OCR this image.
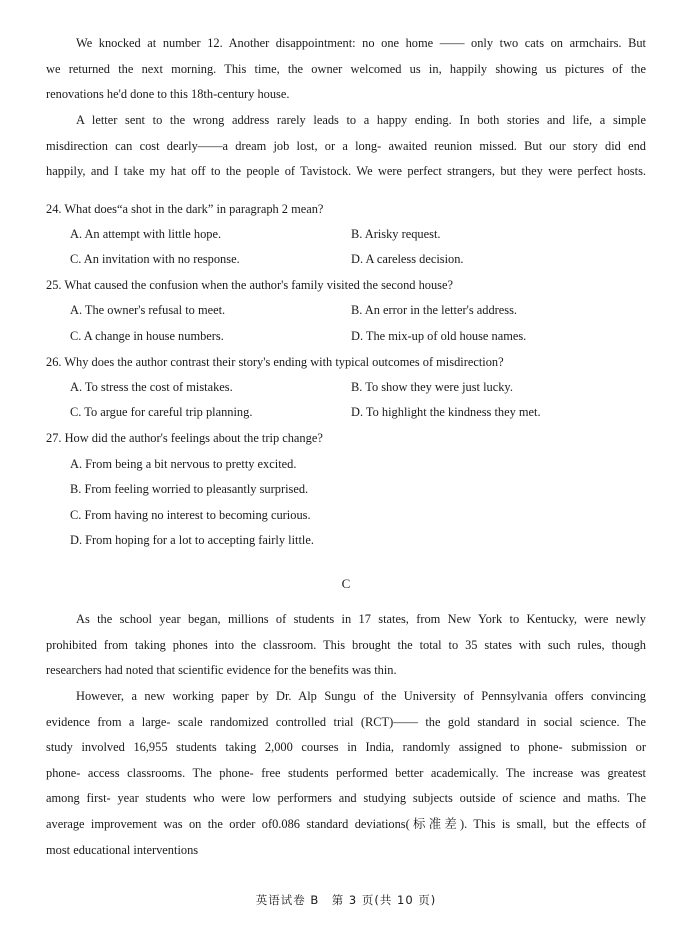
We knocked at number 12. Another disappointment: no one home —— only two cats on armchairs. But
we returned the next morning. This time, the owner welcomed us in, happily showing us pictures of the
renovations he'd done to this 18th-century house.
A letter sent to the wrong address rarely leads to a happy ending. In both stories and life, a simple
misdirection can cost dearly——a dream job lost, or a long- awaited reunion missed. But our story did end
happily, and I take my hat off to the people of Tavistock. We were perfect strangers, but they were perfect hosts.
24. What does“a shot in the dark” in paragraph 2 mean?
A. An attempt with little hope.	B. Arisky request.
C. An invitation with no response.	D. A careless decision.
25. What caused the confusion when the author's family visited the second house?
A. The owner's refusal to meet.	B. An error in the letter's address.
C. A change in house numbers.	D. The mix-up of old house names.
26. Why does the author contrast their story's ending with typical outcomes of misdirection?
A. To stress the cost of mistakes.	B. To show they were just lucky.
C. To argue for careful trip planning.	D. To highlight the kindness they met.
27. How did the author's feelings about the trip change?
A. From being a bit nervous to pretty excited.
B. From feeling worried to pleasantly surprised.
C. From having no interest to becoming curious.
D. From hoping for a lot to accepting fairly little.
C
As the school year began, millions of students in 17 states, from New York to Kentucky, were newly
prohibited from taking phones into the classroom. This brought the total to 35 states with such rules, though
researchers had noted that scientific evidence for the benefits was thin.
However, a new working paper by Dr. Alp Sungu of the University of Pennsylvania offers convincing
evidence from a large- scale randomized controlled trial (RCT)—— the gold standard in social science. The
study involved 16,955 students taking 2,000 courses in India, randomly assigned to phone- submission or
phone- access classrooms. The phone- free students performed better academically. The increase was greatest
among first- year students who were low performers and studying subjects outside of science and maths. The
average improvement was on the order of0.086 standard deviations(标准差). This is small, but the effects of
most educational interventions
英语试卷 B　第 3 页(共 10 页)
